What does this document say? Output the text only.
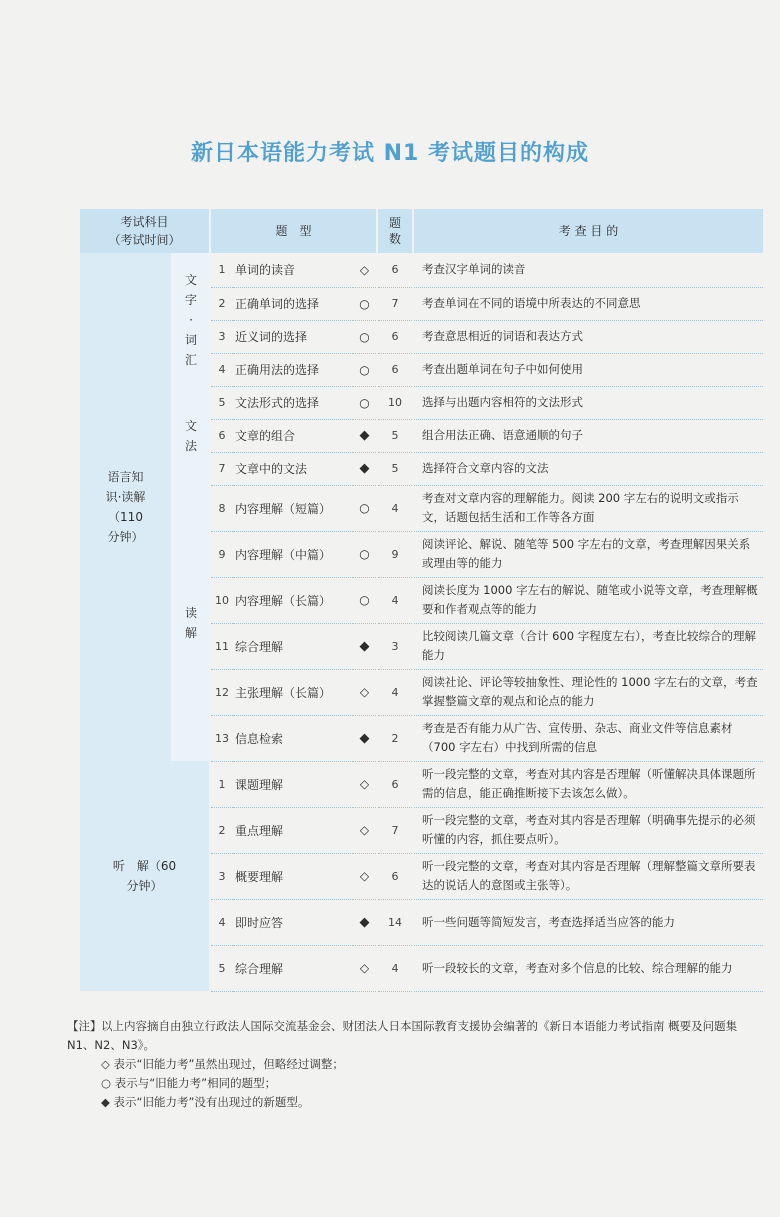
新日本语能力考试 N1 考试题目的构成
考试科目
（考试时间）		题　型			题数	考 查 目 的
语言知识·读解（110 分钟）	文字·词汇	1	单词的读音	◇	6	考查汉字单词的读音
		2	正确单词的选择	○	7	考查单词在不同的语境中所表达的不同意思
		3	近义词的选择	○	6	考查意思相近的词语和表达方式
		4	正确用法的选择	○	6	考查出题单词在句子中如何使用

	文法	5	文法形式的选择	○	10	选择与出题内容相符的文法形式
		6	文章的组合	◆	5	组合用法正确、语意通顺的句子
		7	文章中的文法	◆	5	选择符合文章内容的文法

	读解	8	内容理解（短篇）	○	4	考查对文章内容的理解能力。阅读 200 字左右的说明文或指示文，话题包括生活和工作等各方面
		9	内容理解（中篇）	○	9	阅读评论、解说、随笔等 500 字左右的文章，考查理解因果关系或理由等的能力
		10	内容理解（长篇）	○	4	阅读长度为 1000 字左右的解说、随笔或小说等文章，考查理解概要和作者观点等的能力
		11	综合理解	◆	3	比较阅读几篇文章（合计 600 字程度左右），考查比较综合的理解能力
		12	主张理解（长篇）	◇	4	阅读社论、评论等较抽象性、理论性的 1000 字左右的文章，考查掌握整篇文章的观点和论点的能力
		13	信息检索	◆	2	考查是否有能力从广告、宣传册、杂志、商业文件等信息素材（700 字左右）中找到所需的信息
听　解（60 分钟）		1	课题理解	◇	6	听一段完整的文章，考查对其内容是否理解（听懂解决具体课题所需的信息，能正确推断接下去该怎么做）。
		2	重点理解	◇	7	听一段完整的文章，考查对其内容是否理解（明确事先提示的必须听懂的内容，抓住要点听）。
		3	概要理解	◇	6	听一段完整的文章，考查对其内容是否理解（理解整篇文章所要表达的说话人的意图或主张等）。
		4	即时应答	◆	14	听一些问题等简短发言，考查选择适当应答的能力
		5	综合理解	◇	4	听一段较长的文章，考查对多个信息的比较、综合理解的能力
【注】以上内容摘自由独立行政法人国际交流基金会、财团法人日本国际教育支援协会编著的《新日本语能力考试指南 概要及问题集 N1、N2、N3》。
◇ 表示“旧能力考”虽然出现过，但略经过调整；
○ 表示与“旧能力考”相同的题型；
◆ 表示“旧能力考”没有出现过的新题型。
